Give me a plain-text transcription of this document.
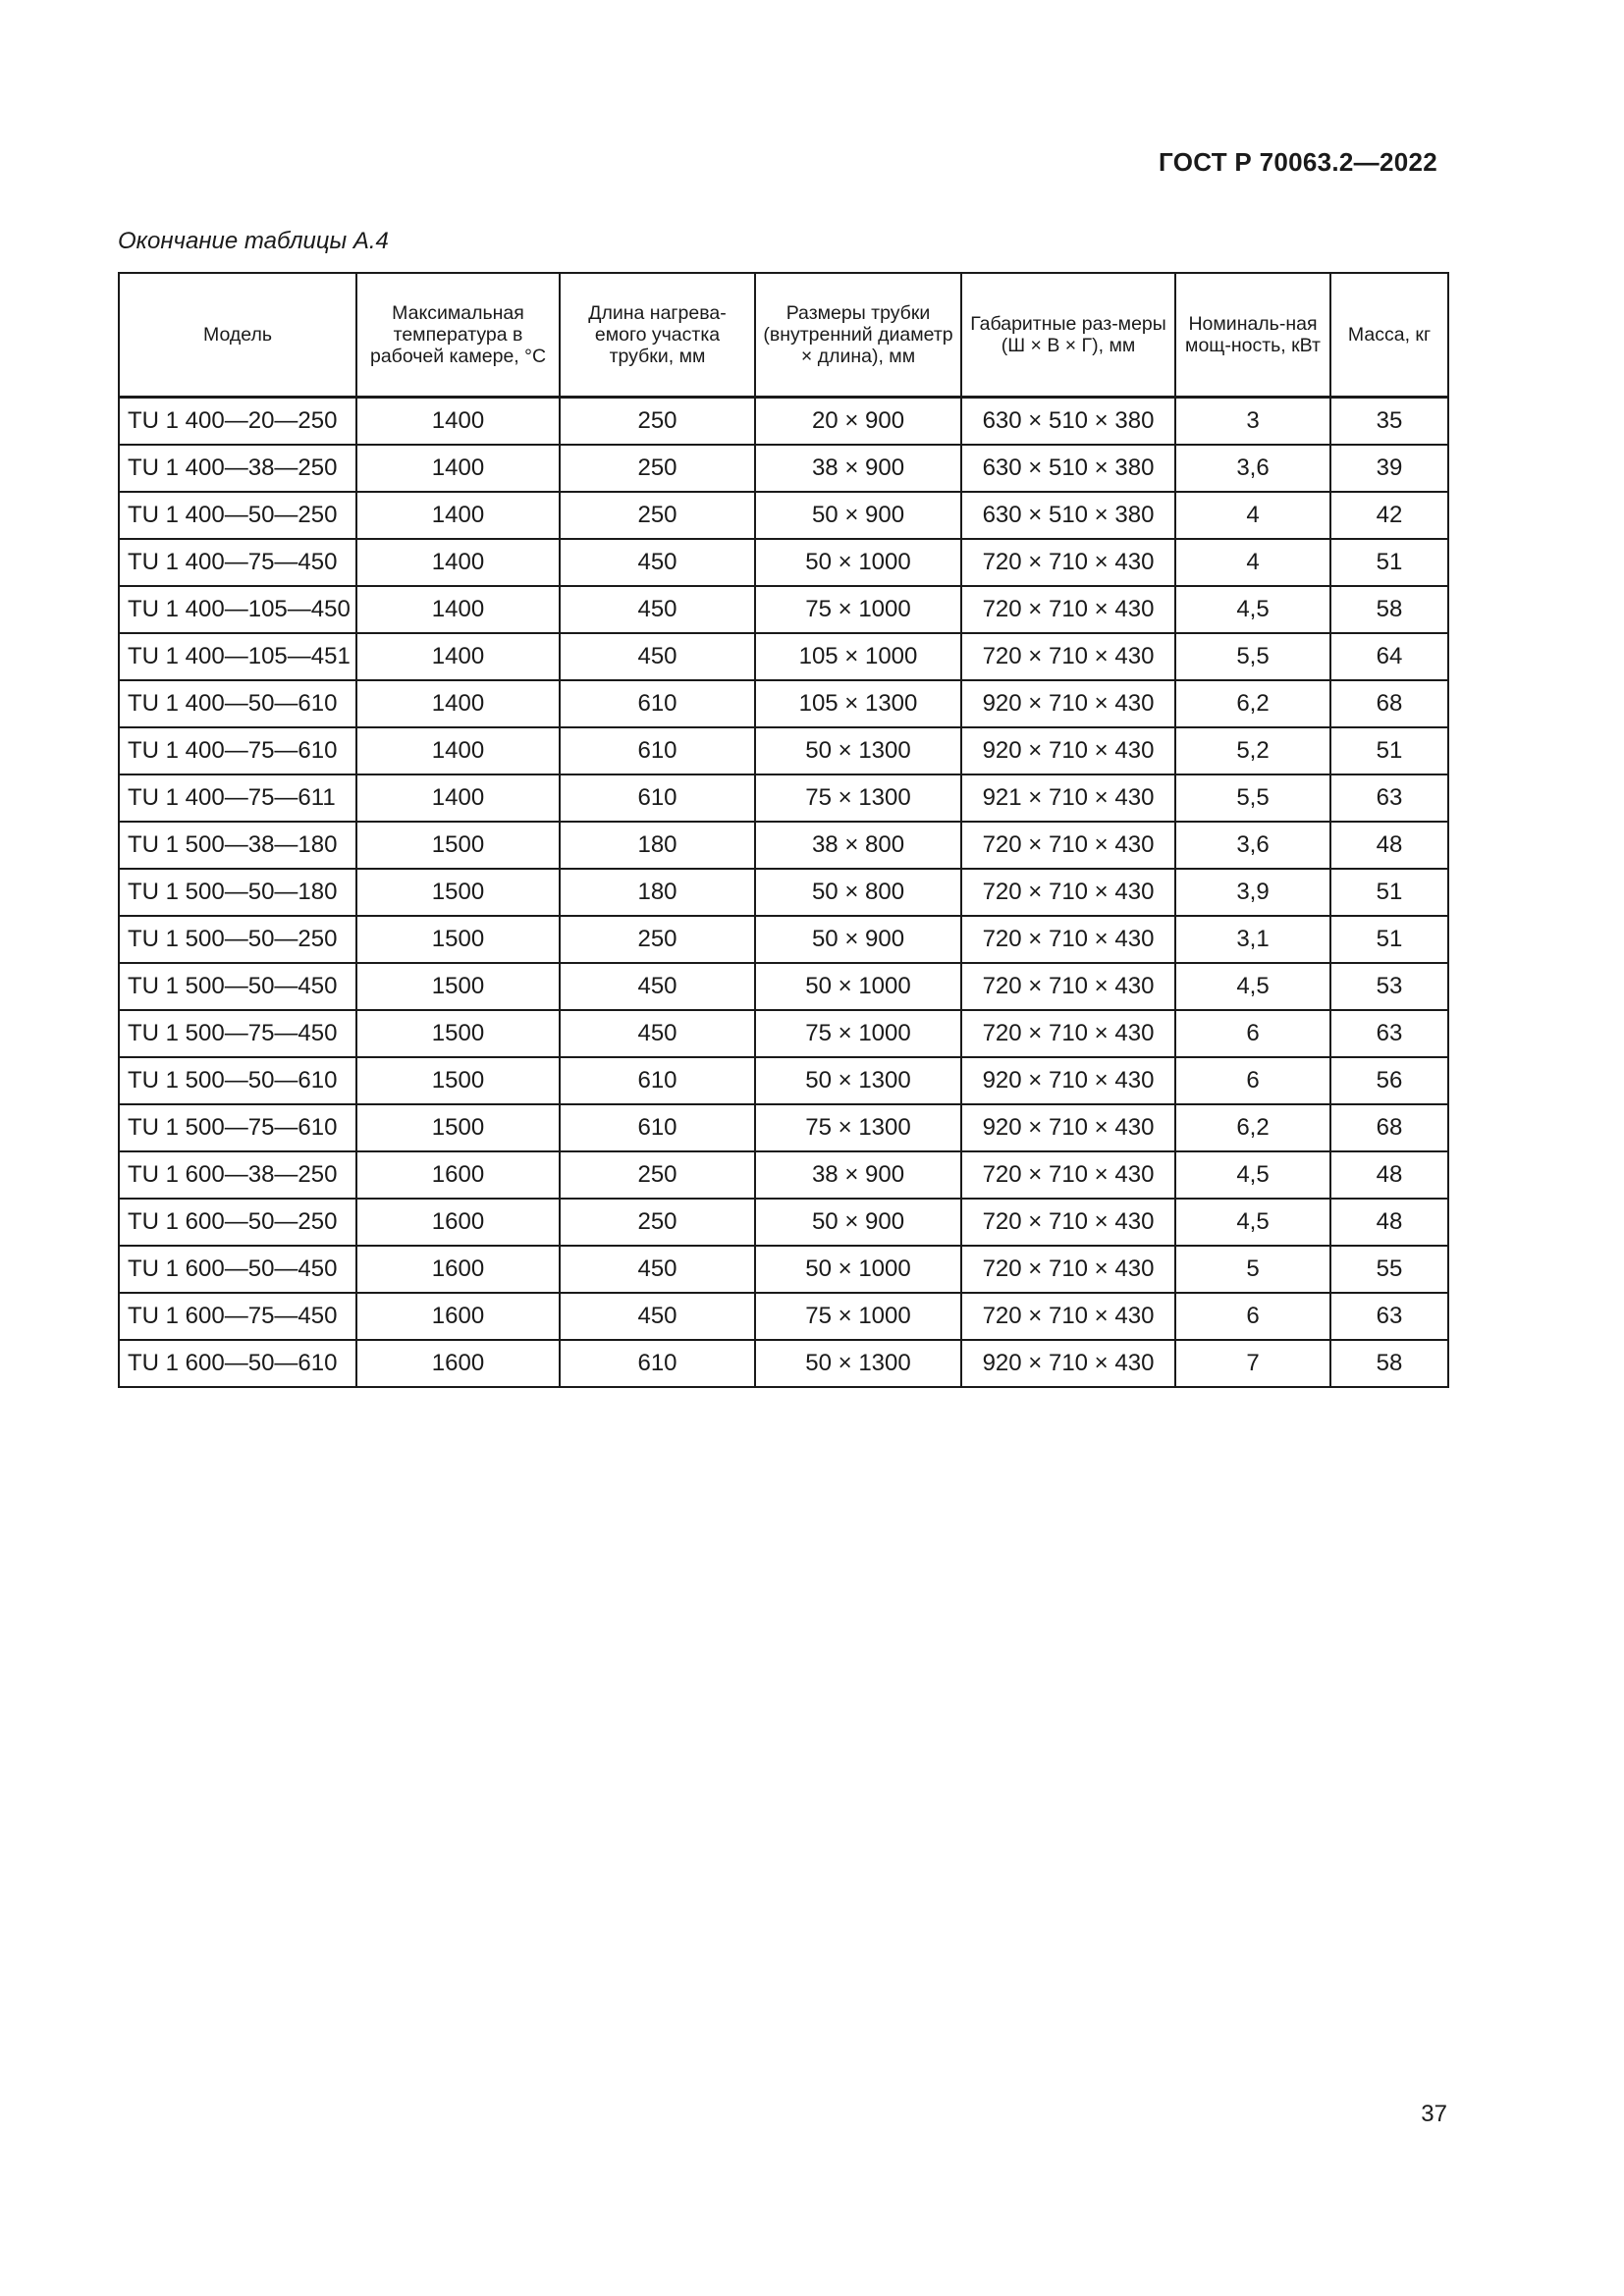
ГОСТ Р 70063.2—2022
Окончание таблицы А.4
Модель	Максимальная температура в рабочей камере, °С	Длина нагрева-емого участка трубки, мм	Размеры трубки (внутренний диаметр × длина), мм	Габаритные раз-меры (Ш × В × Г), мм	Номиналь-ная мощ-ность, кВт	Масса, кг
TU 1 400—20—250	1400	250	20 × 900	630 × 510 × 380	3	35
TU 1 400—38—250	1400	250	38 × 900	630 × 510 × 380	3,6	39
TU 1 400—50—250	1400	250	50 × 900	630 × 510 × 380	4	42
TU 1 400—75—450	1400	450	50 × 1000	720 × 710 × 430	4	51
TU 1 400—105—450	1400	450	75 × 1000	720 × 710 × 430	4,5	58
TU 1 400—105—451	1400	450	105 × 1000	720 × 710 × 430	5,5	64
TU 1 400—50—610	1400	610	105 × 1300	920 × 710 × 430	6,2	68
TU 1 400—75—610	1400	610	50 × 1300	920 × 710 × 430	5,2	51
TU 1 400—75—611	1400	610	75 × 1300	921 × 710 × 430	5,5	63
TU 1 500—38—180	1500	180	38 × 800	720 × 710 × 430	3,6	48
TU 1 500—50—180	1500	180	50 × 800	720 × 710 × 430	3,9	51
TU 1 500—50—250	1500	250	50 × 900	720 × 710 × 430	3,1	51
TU 1 500—50—450	1500	450	50 × 1000	720 × 710 × 430	4,5	53
TU 1 500—75—450	1500	450	75 × 1000	720 × 710 × 430	6	63
TU 1 500—50—610	1500	610	50 × 1300	920 × 710 × 430	6	56
TU 1 500—75—610	1500	610	75 × 1300	920 × 710 × 430	6,2	68
TU 1 600—38—250	1600	250	38 × 900	720 × 710 × 430	4,5	48
TU 1 600—50—250	1600	250	50 × 900	720 × 710 × 430	4,5	48
TU 1 600—50—450	1600	450	50 × 1000	720 × 710 × 430	5	55
TU 1 600—75—450	1600	450	75 × 1000	720 × 710 × 430	6	63
TU 1 600—50—610	1600	610	50 × 1300	920 × 710 × 430	7	58
37
